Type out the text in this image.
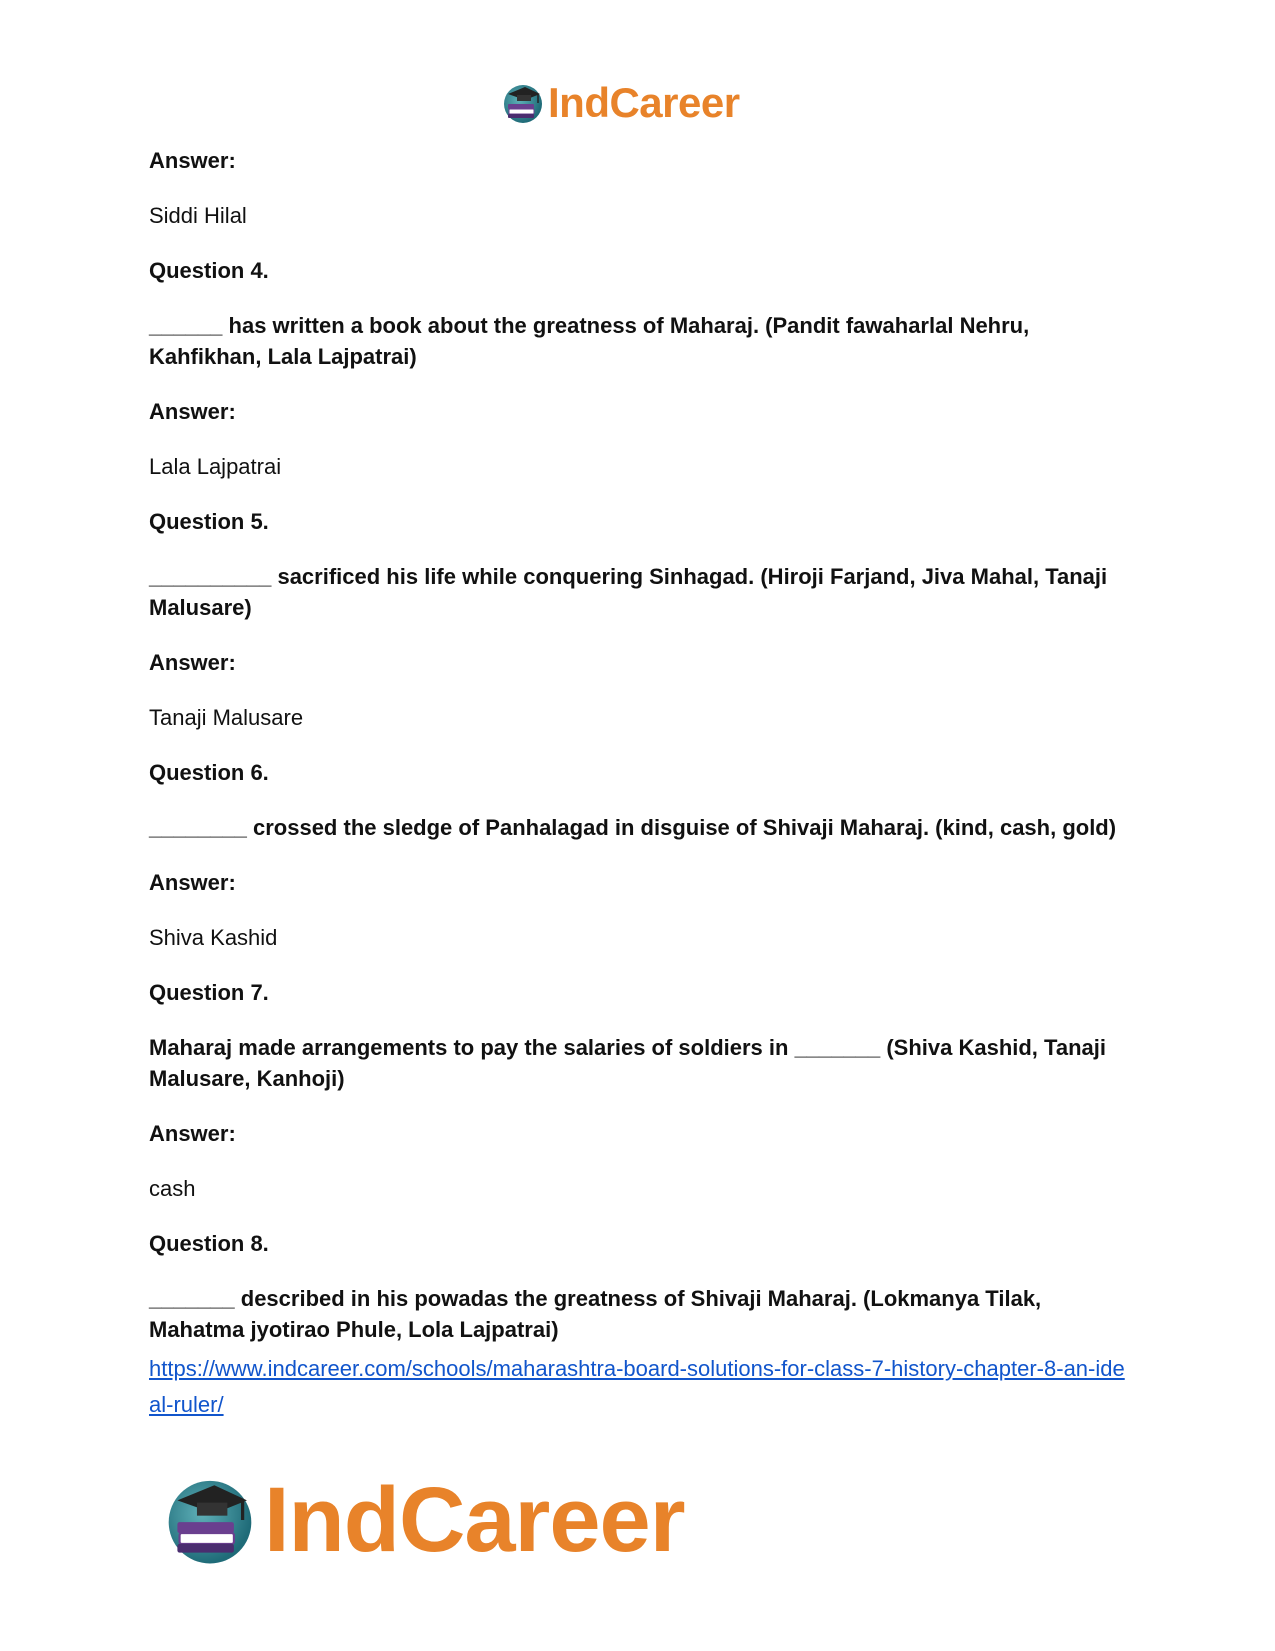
IndCareer

Answer:

Siddi Hilal

Question 4.

______ has written a book about the greatness of Maharaj. (Pandit fawaharlal Nehru, Kahfikhan, Lala Lajpatrai)

Answer:

Lala Lajpatrai

Question 5.

__________ sacrificed his life while conquering Sinhagad. (Hiroji Farjand, Jiva Mahal, Tanaji Malusare)

Answer:

Tanaji Malusare

Question 6.

________ crossed the sledge of Panhalagad in disguise of Shivaji Maharaj. (kind, cash, gold)

Answer:

Shiva Kashid

Question 7.

Maharaj made arrangements to pay the salaries of soldiers in _______ (Shiva Kashid, Tanaji Malusare, Kanhoji)

Answer:

cash

Question 8.

_______ described in his powadas the greatness of Shivaji Maharaj. (Lokmanya Tilak, Mahatma jyotirao Phule, Lola Lajpatrai)

https://www.indcareer.com/schools/maharashtra-board-solutions-for-class-7-history-chapter-8-an-ideal-ruler/
IndCareer
